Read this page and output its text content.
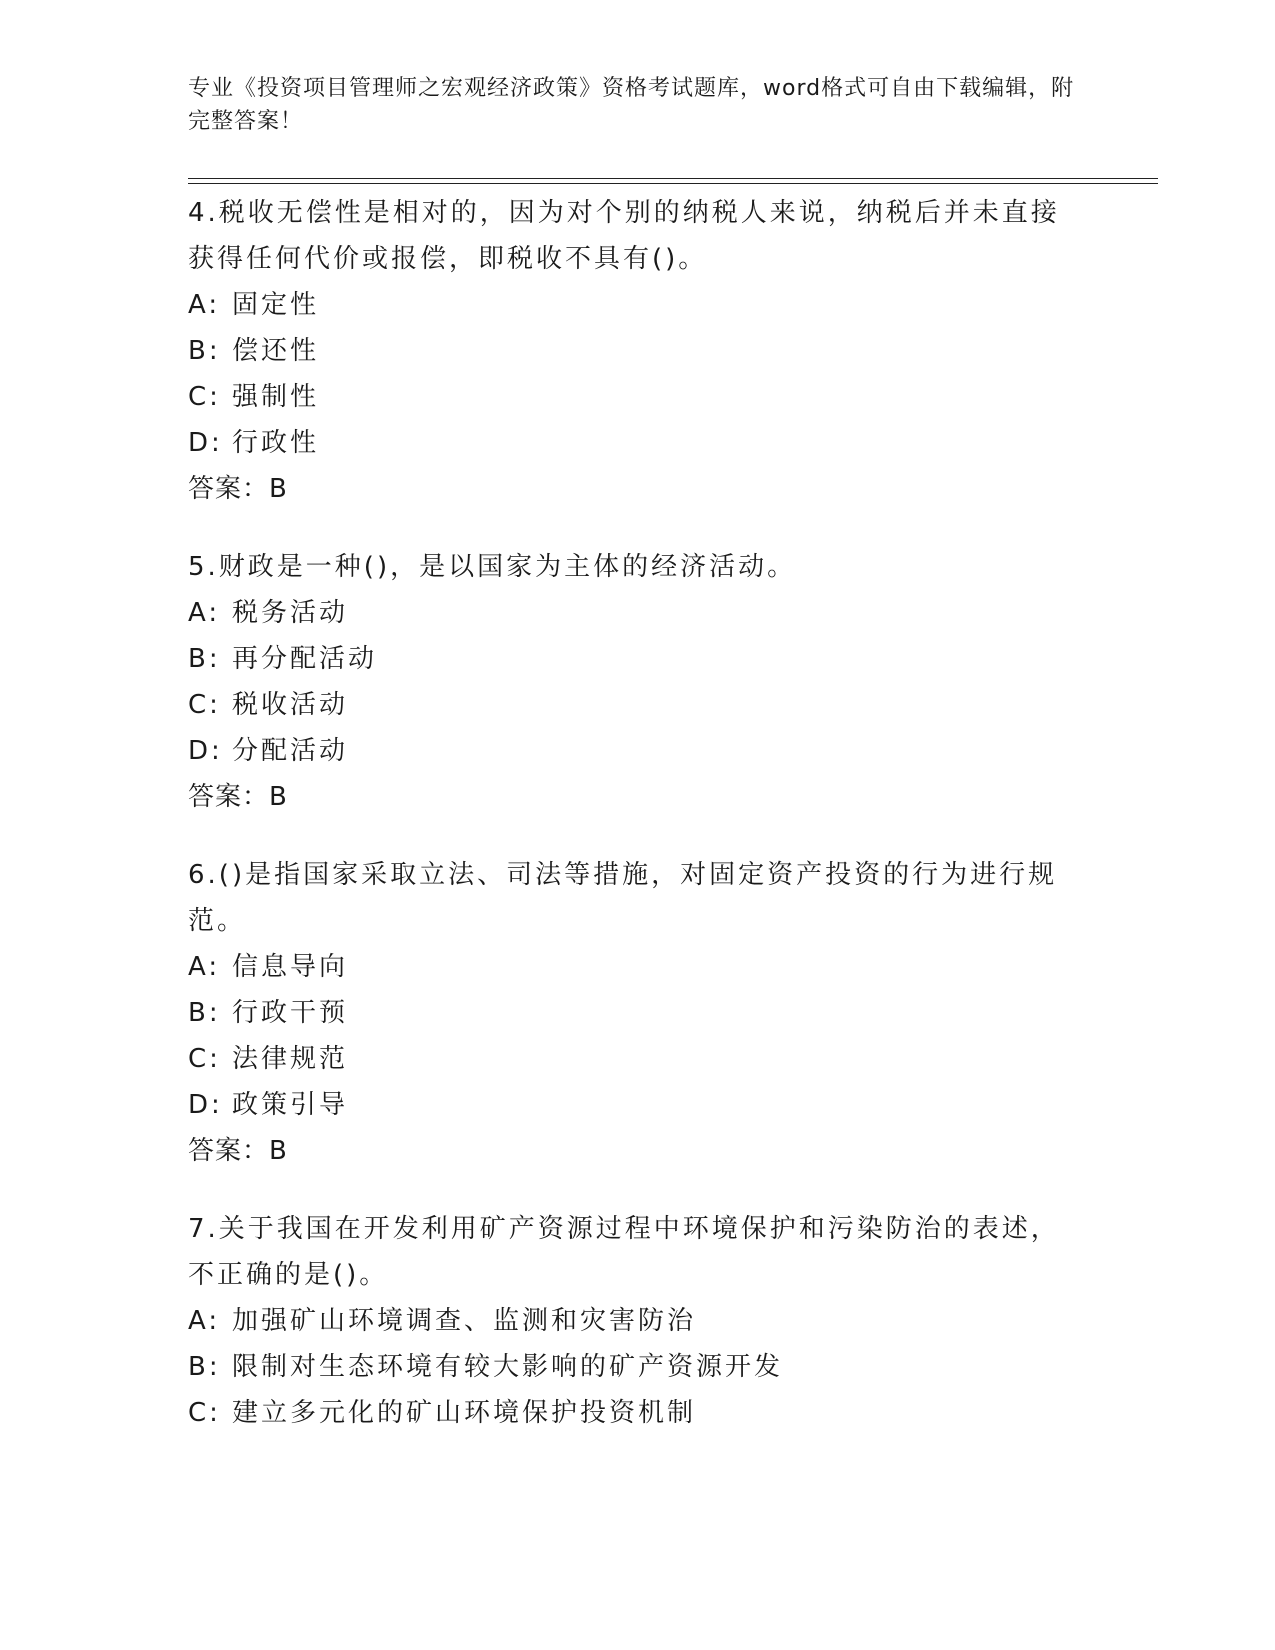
专业《投资项目管理师之宏观经济政策》资格考试题库，word格式可自由下载编辑，附完整答案！

4.税收无偿性是相对的，因为对个别的纳税人来说，纳税后并未直接获得任何代价或报偿，即税收不具有()。

A: 固定性

B: 偿还性

C: 强制性

D: 行政性

答案：B

5.财政是一种()，是以国家为主体的经济活动。

A: 税务活动

B: 再分配活动

C: 税收活动

D: 分配活动

答案：B

6.()是指国家采取立法、司法等措施，对固定资产投资的行为进行规范。

A: 信息导向

B: 行政干预

C: 法律规范

D: 政策引导

答案：B

7.关于我国在开发利用矿产资源过程中环境保护和污染防治的表述，不正确的是()。

A: 加强矿山环境调查、监测和灾害防治

B: 限制对生态环境有较大影响的矿产资源开发

C: 建立多元化的矿山环境保护投资机制
